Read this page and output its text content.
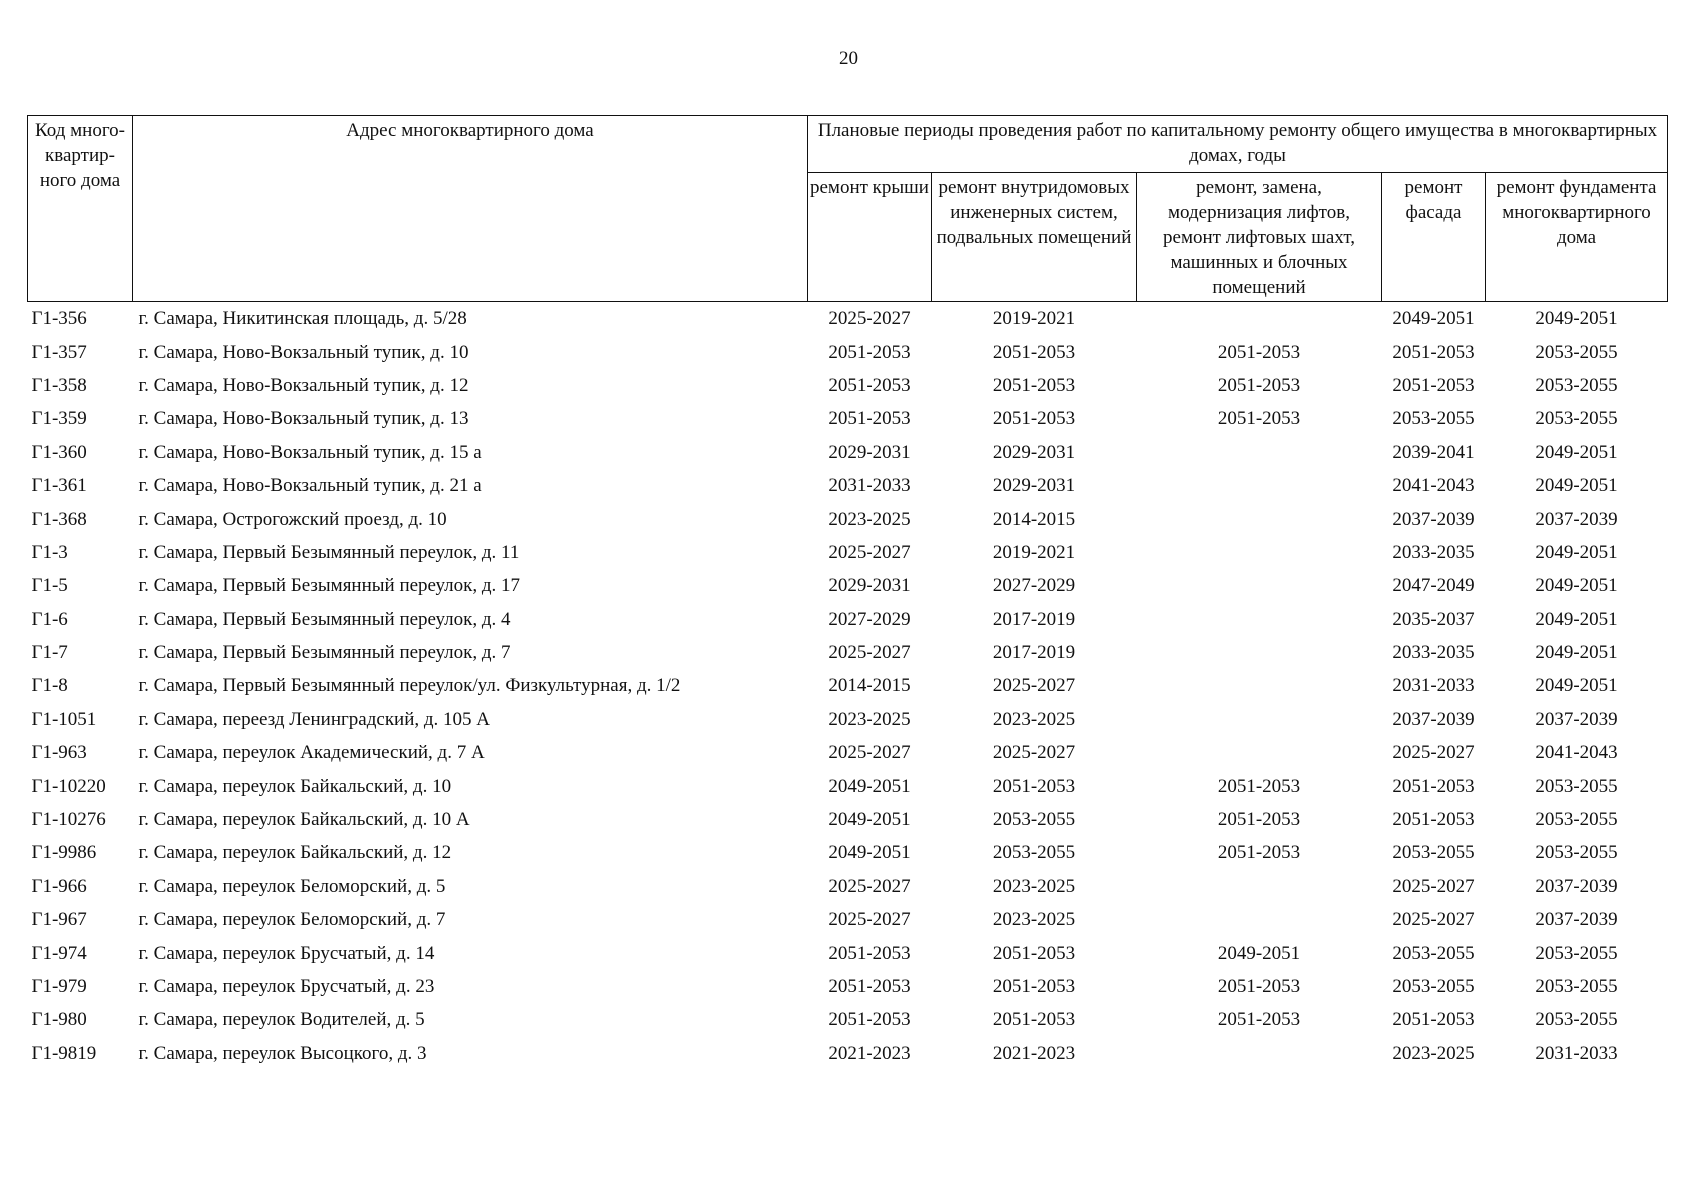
20
Код много-квартир-ного дома	Адрес многоквартирного дома	Плановые периоды проведения работ по капитальному ремонту общего имущества в многоквартирных домах, годы				
		ремонт крыши	ремонт внутридомовых инженерных систем, подвальных помещений	ремонт, замена, модернизация лифтов, ремонт лифтовых шахт, машинных и блочных помещений	ремонт фасада	ремонт фундамента многоквартирного дома
Г1-356	г. Самара, Никитинская площадь, д. 5/28	2025-2027	2019-2021		2049-2051	2049-2051
Г1-357	г. Самара, Ново-Вокзальный тупик, д. 10	2051-2053	2051-2053	2051-2053	2051-2053	2053-2055
Г1-358	г. Самара, Ново-Вокзальный тупик, д. 12	2051-2053	2051-2053	2051-2053	2051-2053	2053-2055
Г1-359	г. Самара, Ново-Вокзальный тупик, д. 13	2051-2053	2051-2053	2051-2053	2053-2055	2053-2055
Г1-360	г. Самара, Ново-Вокзальный тупик, д. 15 а	2029-2031	2029-2031		2039-2041	2049-2051
Г1-361	г. Самара, Ново-Вокзальный тупик, д. 21 а	2031-2033	2029-2031		2041-2043	2049-2051
Г1-368	г. Самара, Острогожский проезд, д. 10	2023-2025	2014-2015		2037-2039	2037-2039
Г1-3	г. Самара, Первый Безымянный переулок, д. 11	2025-2027	2019-2021		2033-2035	2049-2051
Г1-5	г. Самара, Первый Безымянный переулок, д. 17	2029-2031	2027-2029		2047-2049	2049-2051
Г1-6	г. Самара, Первый Безымянный переулок, д. 4	2027-2029	2017-2019		2035-2037	2049-2051
Г1-7	г. Самара, Первый Безымянный переулок, д. 7	2025-2027	2017-2019		2033-2035	2049-2051
Г1-8	г. Самара, Первый Безымянный переулок/ул. Физкультурная, д. 1/2	2014-2015	2025-2027		2031-2033	2049-2051
Г1-1051	г. Самара, переезд Ленинградский, д. 105 А	2023-2025	2023-2025		2037-2039	2037-2039
Г1-963	г. Самара, переулок Академический, д. 7 А	2025-2027	2025-2027		2025-2027	2041-2043
Г1-10220	г. Самара, переулок Байкальский, д. 10	2049-2051	2051-2053	2051-2053	2051-2053	2053-2055
Г1-10276	г. Самара, переулок Байкальский, д. 10 А	2049-2051	2053-2055	2051-2053	2051-2053	2053-2055
Г1-9986	г. Самара, переулок Байкальский, д. 12	2049-2051	2053-2055	2051-2053	2053-2055	2053-2055
Г1-966	г. Самара, переулок Беломорский, д. 5	2025-2027	2023-2025		2025-2027	2037-2039
Г1-967	г. Самара, переулок Беломорский, д. 7	2025-2027	2023-2025		2025-2027	2037-2039
Г1-974	г. Самара, переулок Брусчатый, д. 14	2051-2053	2051-2053	2049-2051	2053-2055	2053-2055
Г1-979	г. Самара, переулок Брусчатый, д. 23	2051-2053	2051-2053	2051-2053	2053-2055	2053-2055
Г1-980	г. Самара, переулок Водителей, д. 5	2051-2053	2051-2053	2051-2053	2051-2053	2053-2055
Г1-9819	г. Самара, переулок Высоцкого, д. 3	2021-2023	2021-2023		2023-2025	2031-2033
